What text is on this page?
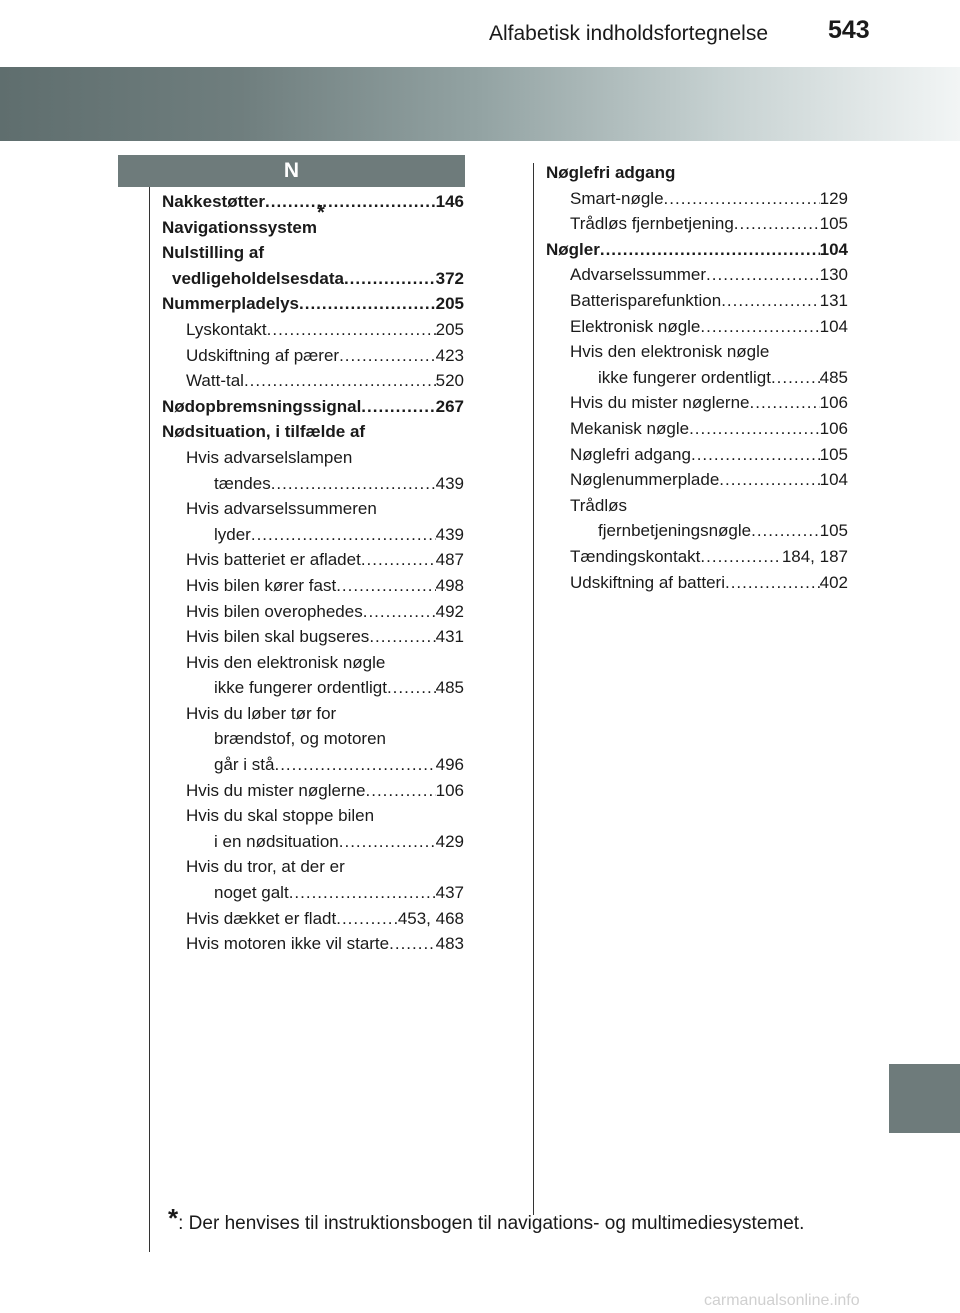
Alfabetisk indholdsfortegnelse 543
N
Nakkestøtter .....	146
Navigationssystem
*
Nulstilling af
vedligeholdelsesdata .....	372
Nummerpladelys .....	205
Lyskontakt .....	205
Udskiftning af pærer .....	423
Watt-tal .....	520
Nødopbremsningssignal .....	267
Nødsituation, i tilfælde af
Hvis advarselslampen
tændes .....	439
Hvis advarselssummeren
lyder .....	439
Hvis batteriet er afladet .....	487
Hvis bilen kører fast .....	498
Hvis bilen overophedes .....	492
Hvis bilen skal bugseres .....	431
Hvis den elektronisk nøgle
ikke fungerer ordentligt .....	485
Hvis du løber tør for
brændstof, og motoren
går i stå .....	496
Hvis du mister nøglerne .....	106
Hvis du skal stoppe bilen
i en nødsituation .....	429
Hvis du tror, at der er
noget galt .....	437
Hvis dækket er fladt .....	453, 468
Hvis motoren ikke vil starte .....	483
Nøglefri adgang
Smart-nøgle .....	129
Trådløs fjernbetjening .....	105
Nøgler .....	104
Advarselssummer .....	130
Batterisparefunktion .....	131
Elektronisk nøgle .....	104
Hvis den elektronisk nøgle
ikke fungerer ordentligt .....	485
Hvis du mister nøglerne .....	106
Mekanisk nøgle .....	106
Nøglefri adgang .....	105
Nøglenummerplade .....	104
Trådløs
fjernbetjeningsnøgle .....	105
Tændingskontakt .....	184, 187
Udskiftning af batteri .....	402
*: Der henvises til instruktionsbogen til navigations- og multimediesystemet.
carmanualsonline.info
